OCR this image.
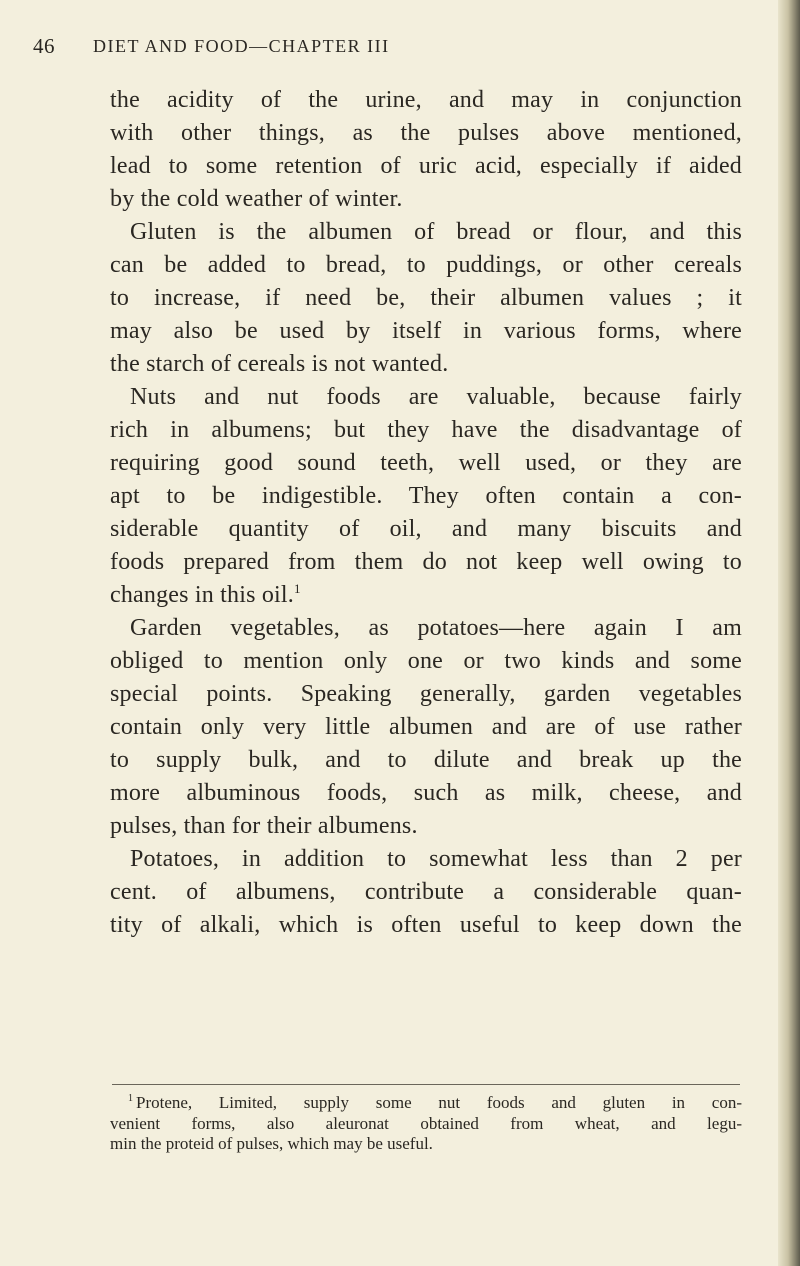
46 DIET AND FOOD—CHAPTER III
the acidity of the urine, and may in conjunction
with other things, as the pulses above mentioned,
lead to some retention of uric acid, especially if aided
by the cold weather of winter.
Gluten is the albumen of bread or flour, and this
can be added to bread, to puddings, or other cereals
to increase, if need be, their albumen values ; it
may also be used by itself in various forms, where
the starch of cereals is not wanted.
Nuts and nut foods are valuable, because fairly
rich in albumens; but they have the disadvantage of
requiring good sound teeth, well used, or they are
apt to be indigestible. They often contain a con-
siderable quantity of oil, and many biscuits and
foods prepared from them do not keep well owing to
changes in this oil.$^1$
Garden vegetables, as potatoes—here again I am
obliged to mention only one or two kinds and some
special points. Speaking generally, garden vegetables
contain only very little albumen and are of use rather
to supply bulk, and to dilute and break up the
more albuminous foods, such as milk, cheese, and
pulses, than for their albumens.
Potatoes, in addition to somewhat less than 2 per
cent. of albumens, contribute a considerable quan-
tity of alkali, which is often useful to keep down the
$^1$ Protene, Limited, supply some nut foods and gluten in con-
venient forms, also aleuronat obtained from wheat, and legu-
min the proteid of pulses, which may be useful.
